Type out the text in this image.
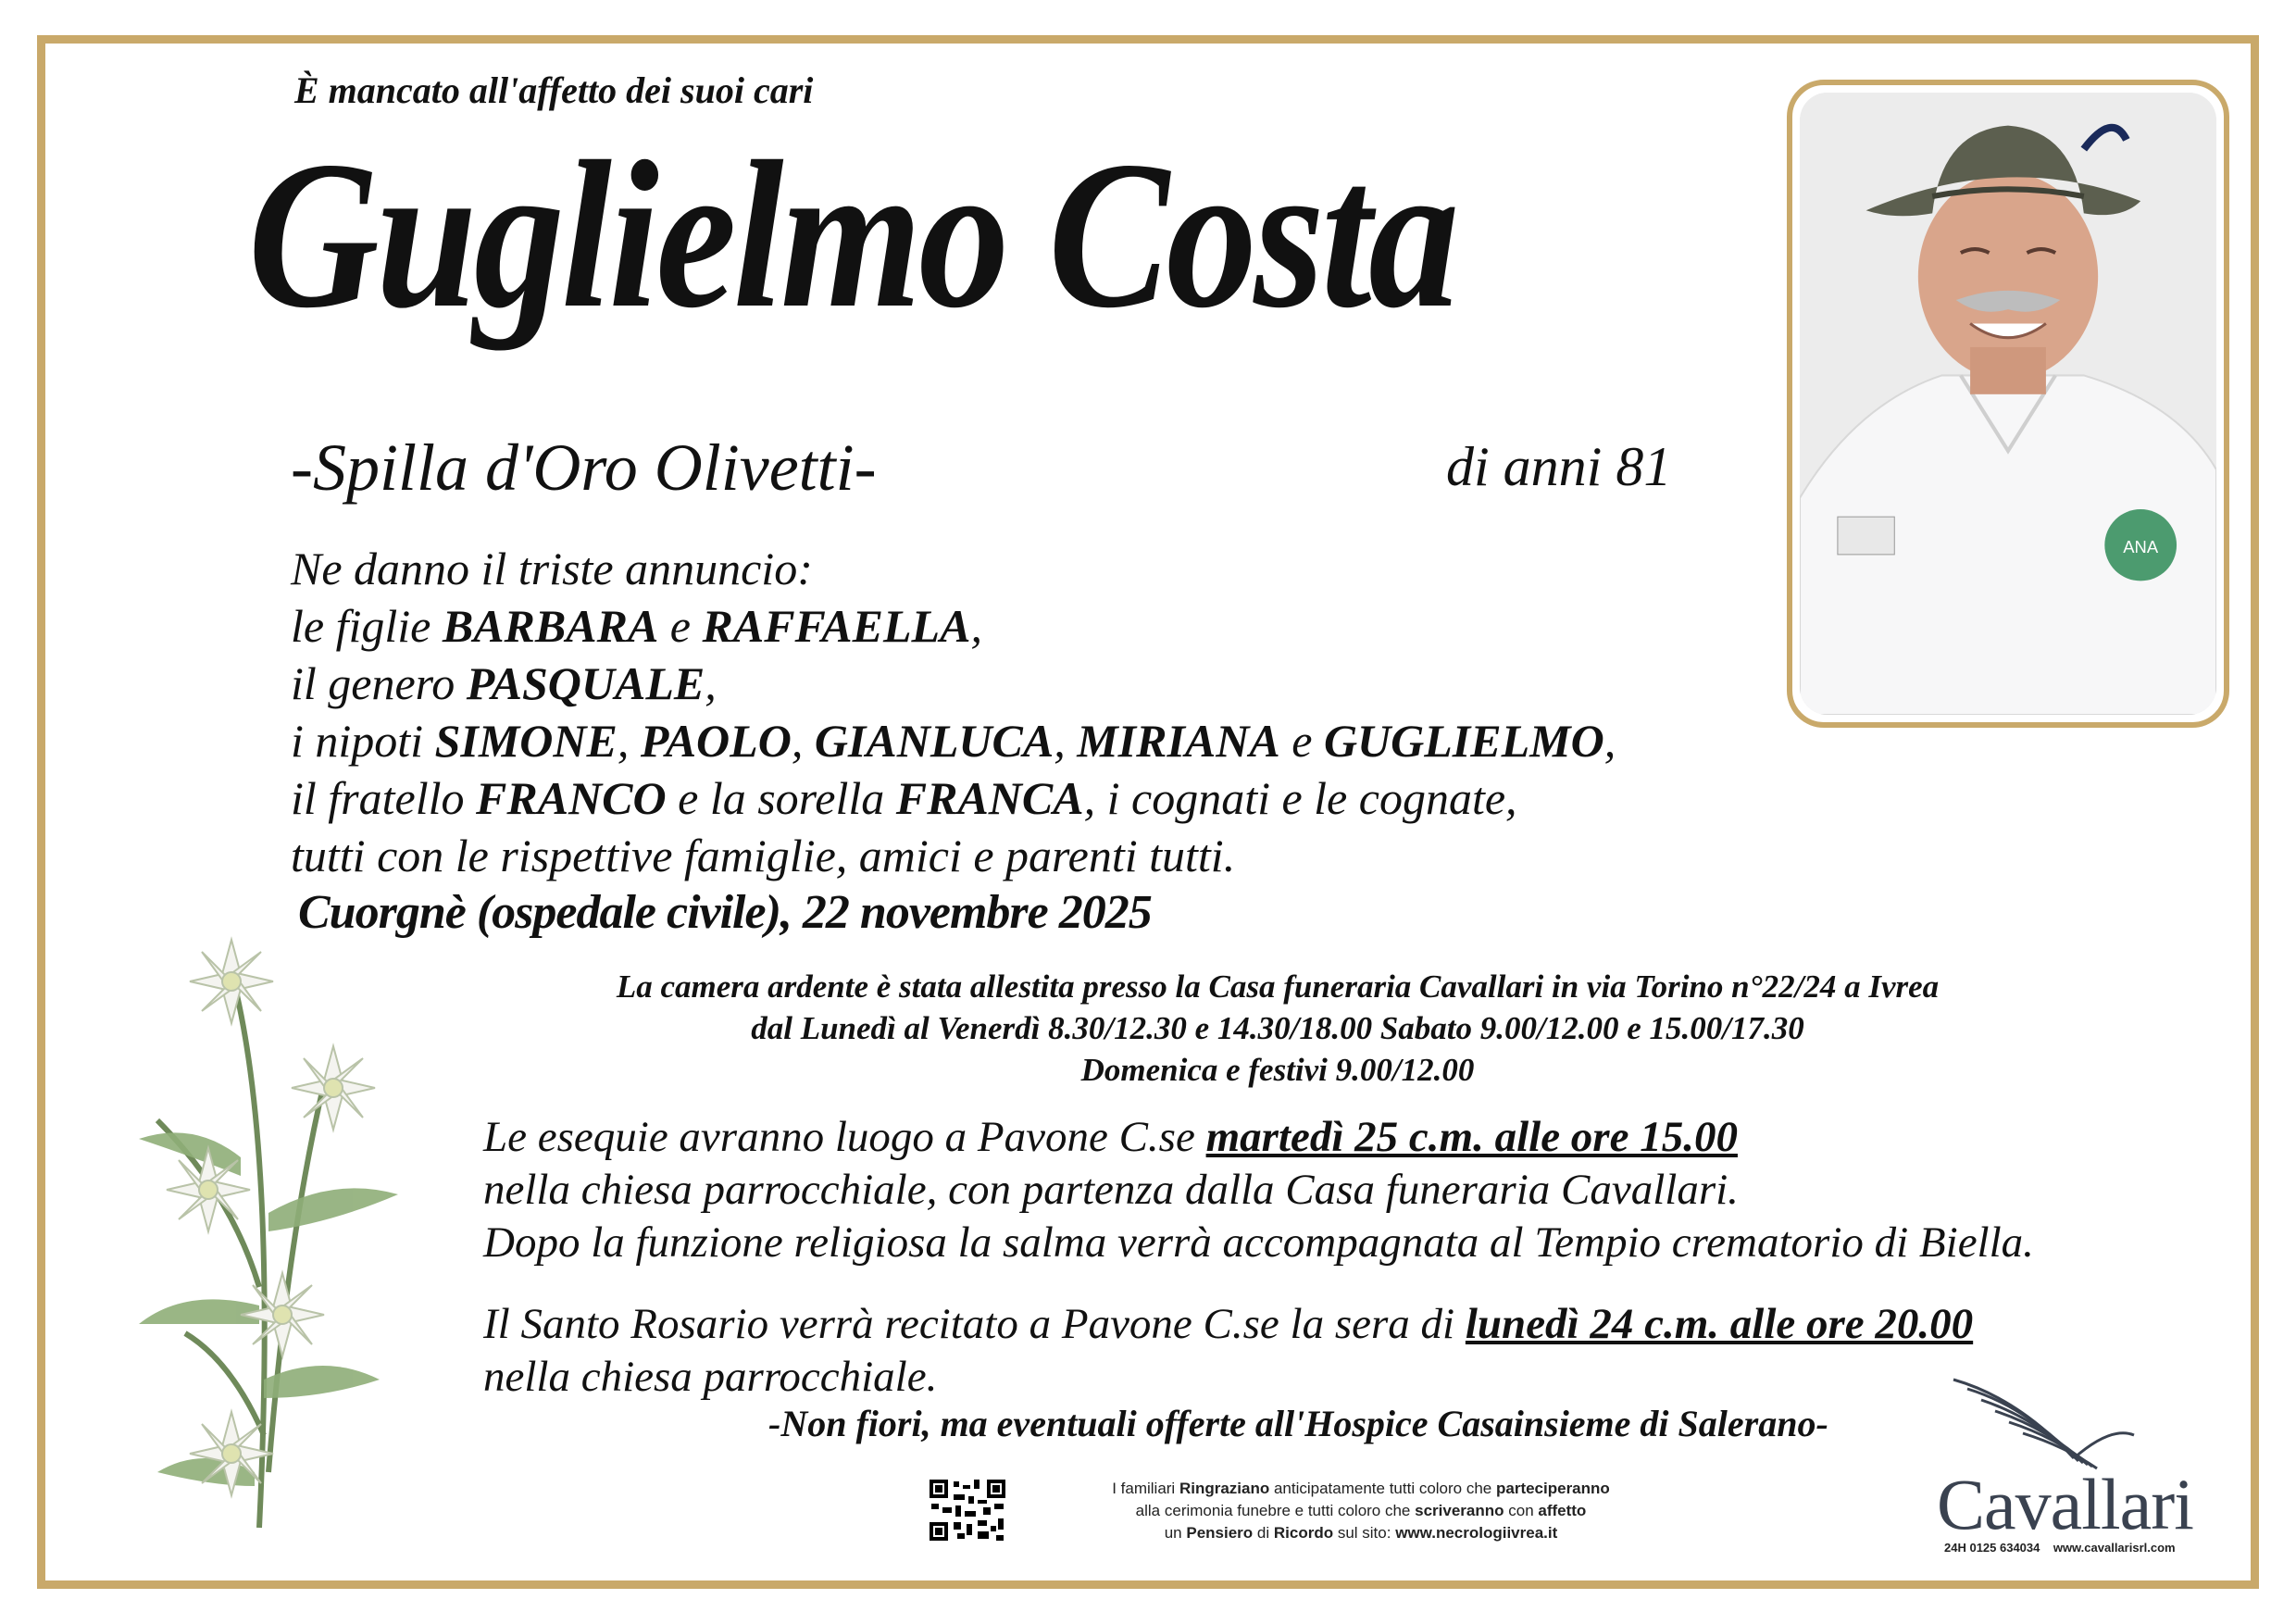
È mancato all'affetto dei suoi cari
Guglielmo Costa
-Spilla d'Oro Olivetti-	di anni 81
ANA
Ne danno il triste annuncio:
le figlie BARBARA e RAFFAELLA,
il genero PASQUALE,
i nipoti SIMONE, PAOLO, GIANLUCA, MIRIANA e GUGLIELMO,
il fratello FRANCO e la sorella FRANCA, i cognati e le cognate,
tutti con le rispettive famiglie, amici e parenti tutti.
Cuorgnè (ospedale civile), 22 novembre 2025
La camera ardente è stata allestita presso la Casa funeraria Cavallari in via Torino n°22/24 a Ivrea
dal Lunedì al Venerdì 8.30/12.30 e 14.30/18.00 Sabato 9.00/12.00 e 15.00/17.30
Domenica e festivi 9.00/12.00
Le esequie avranno luogo a Pavone C.se martedì 25 c.m. alle ore 15.00
nella chiesa parrocchiale, con partenza dalla Casa funeraria Cavallari.
Dopo la funzione religiosa la salma verrà accompagnata al Tempio crematorio di Biella.
Il Santo Rosario verrà recitato a Pavone C.se la sera di lunedì 24 c.m. alle ore 20.00
nella chiesa parrocchiale.
-Non fiori, ma eventuali offerte all'Hospice Casainsieme di Salerano-
I familiari Ringraziano anticipatamente tutti coloro che parteciperanno
alla cerimonia funebre e tutti coloro che scriveranno con affetto
un Pensiero di Ricordo sul sito: www.necrologiivrea.it	Cavallari
24H 0125 634034 www.cavallarisrl.com
